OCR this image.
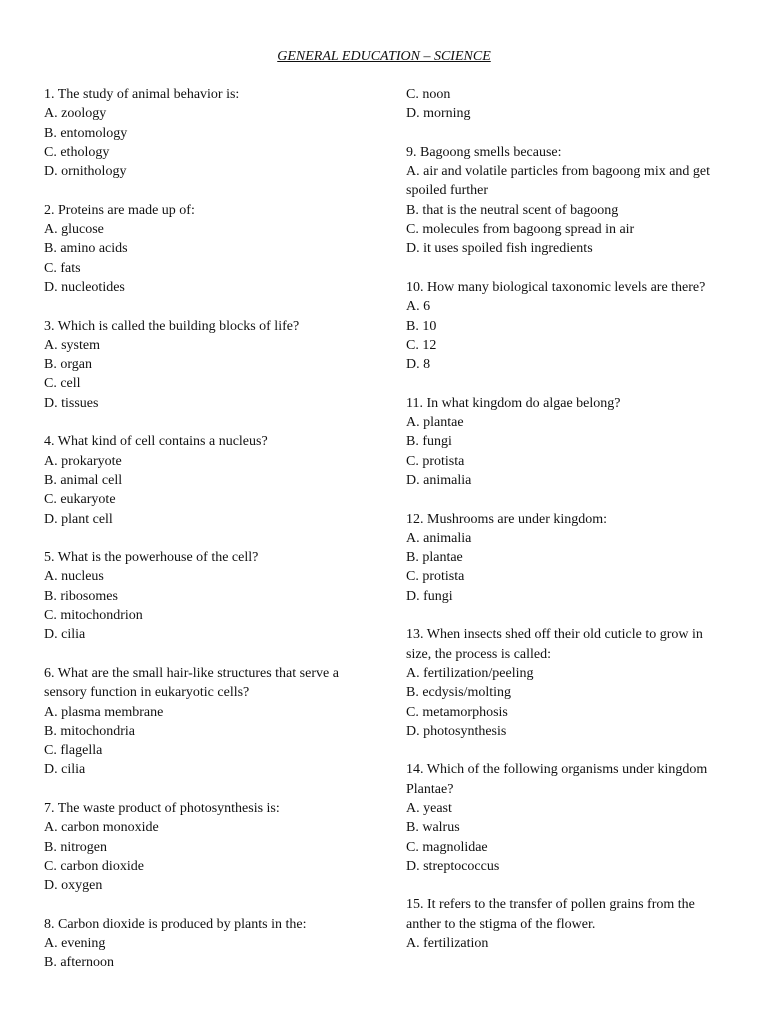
GENERAL EDUCATION – SCIENCE
1. The study of animal behavior is:
A. zoology
B. entomology
C. ethology
D. ornithology
2. Proteins are made up of:
A. glucose
B. amino acids
C. fats
D. nucleotides
3. Which is called the building blocks of life?
A. system
B. organ
C. cell
D. tissues
4. What kind of cell contains a nucleus?
A. prokaryote
B. animal cell
C. eukaryote
D. plant cell
5. What is the powerhouse of the cell?
A. nucleus
B. ribosomes
C. mitochondrion
D. cilia
6. What are the small hair-like structures that serve a sensory function in eukaryotic cells?
A. plasma membrane
B. mitochondria
C. flagella
D. cilia
7. The waste product of photosynthesis is:
A. carbon monoxide
B. nitrogen
C. carbon dioxide
D. oxygen
8. Carbon dioxide is produced by plants in the:
A. evening
B. afternoon
C. noon
D. morning
9. Bagoong smells because:
A. air and volatile particles from bagoong mix and get spoiled further
B. that is the neutral scent of bagoong
C. molecules from bagoong spread in air
D. it uses spoiled fish ingredients
10. How many biological taxonomic levels are there?
A. 6
B. 10
C. 12
D. 8
11. In what kingdom do algae belong?
A. plantae
B. fungi
C. protista
D. animalia
12. Mushrooms are under kingdom:
A. animalia
B. plantae
C. protista
D. fungi
13. When insects shed off their old cuticle to grow in size, the process is called:
A. fertilization/peeling
B. ecdysis/molting
C. metamorphosis
D. photosynthesis
14. Which of the following organisms under kingdom Plantae?
A. yeast
B. walrus
C. magnolidae
D. streptococcus
15. It refers to the transfer of pollen grains from the anther to the stigma of the flower.
A. fertilization
